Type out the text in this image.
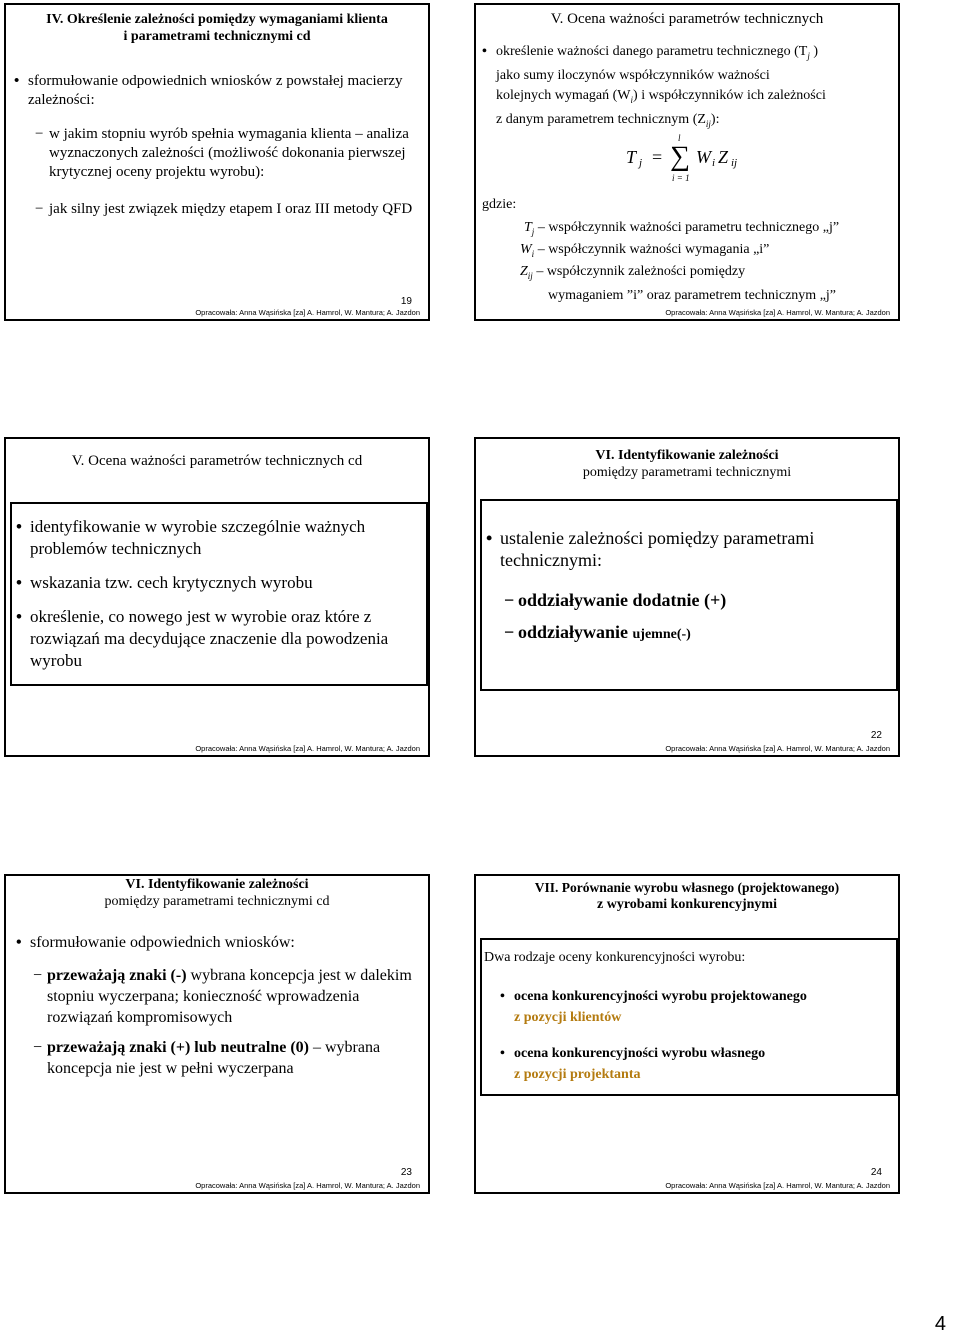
IV. Określenie zależności pomiędzy wymaganiami klienta
i parametrami technicznymi cd
• sformułowanie odpowiednich wniosków z powstałej macierzy zależności:
− w jakim stopniu wyrób spełnia wymagania klienta – analiza wyznaczonych zależności (możliwość dokonania pierwszej krytycznej oceny projektu wyrobu):
− jak silny jest związek między etapem I oraz III metody QFD
19
Opracowała: Anna Wąsińska [za] A. Hamrol, W. Mantura; A. Jazdon
V. Ocena ważności parametrów technicznych
• określenie ważności danego parametru technicznego ($T_j$ )
jako sumy iloczynów współczynników ważności
kolejnych wymagań $(W_i)$ i współczynników ich zależności
z danym parametrem technicznym $(Z_{ij})$:
T j = ∑
l
i = 1
W i Z ij
gdzie:
$T_j$ – współczynnik ważności parametru technicznego „j”
$W_i$ – współczynnik ważności wymagania „i”
$Z_{ij}$ – współczynnik zależności pomiędzy
wymaganiem ”i” oraz parametrem technicznym „j”
Opracowała: Anna Wąsińska [za] A. Hamrol, W. Mantura; A. Jazdon
V. Ocena ważności parametrów technicznych cd
• identyfikowanie w wyrobie szczególnie ważnych problemów technicznych
• wskazania tzw. cech krytycznych wyrobu
• określenie, co nowego jest w wyrobie oraz które z rozwiązań ma decydujące znaczenie dla powodzenia wyrobu
Opracowała: Anna Wąsińska [za] A. Hamrol, W. Mantura; A. Jazdon
VI. Identyfikowanie zależności
pomiędzy parametrami technicznymi
• ustalenie zależności pomiędzy parametrami technicznymi:
− oddziaływanie dodatnie (+)
− oddziaływanie ujemne(-)
22
Opracowała: Anna Wąsińska [za] A. Hamrol, W. Mantura; A. Jazdon
VI. Identyfikowanie zależności
pomiędzy parametrami technicznymi cd
• sformułowanie odpowiednich wniosków:
− przeważają znaki (-) wybrana koncepcja jest w dalekim stopniu wyczerpana; konieczność wprowadzenia rozwiązań kompromisowych
− przeważają znaki (+) lub neutralne (0) – wybrana koncepcja nie jest w pełni wyczerpana
23
Opracowała: Anna Wąsińska [za] A. Hamrol, W. Mantura; A. Jazdon
VII. Porównanie wyrobu własnego (projektowanego)
z wyrobami konkurencyjnymi
Dwa rodzaje oceny konkurencyjności wyrobu:
• ocena konkurencyjności wyrobu projektowanego
z pozycji klientów
• ocena konkurencyjności wyrobu własnego
z pozycji projektanta
24
Opracowała: Anna Wąsińska [za] A. Hamrol, W. Mantura; A. Jazdon
4
